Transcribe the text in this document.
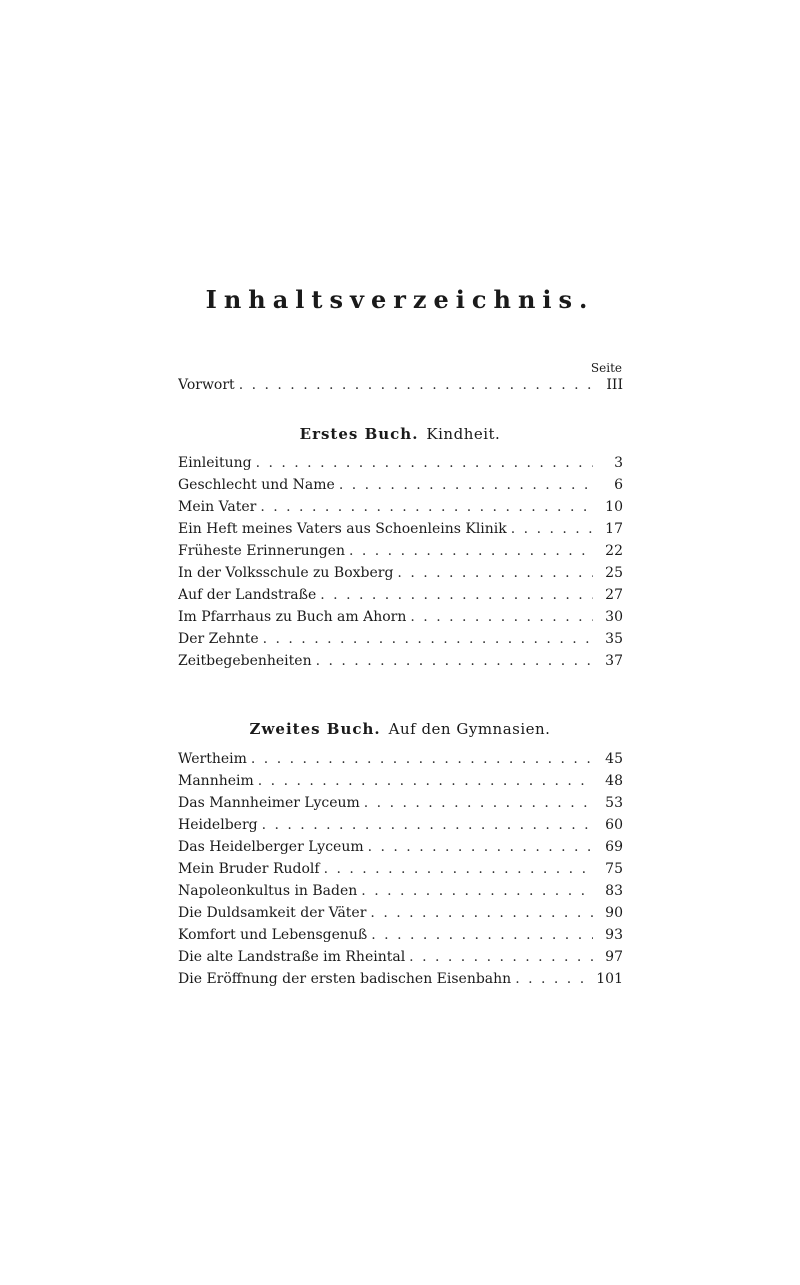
Inhaltsverzeichnis.
Seite
Vorwort . . .	III
Erstes Buch. Kindheit.
Einleitung . . .	3
Geschlecht und Name . . .	6
Mein Vater . . .	10
Ein Heft meines Vaters aus Schoenleins Klinik . . .	17
Früheste Erinnerungen . . .	22
In der Volksschule zu Boxberg . . .	25
Auf der Landstraße . . .	27
Im Pfarrhaus zu Buch am Ahorn . . .	30
Der Zehnte . . .	35
Zeitbegebenheiten . . .	37
Zweites Buch. Auf den Gymnasien.
Wertheim . . .	45
Mannheim . . .	48
Das Mannheimer Lyceum . . .	53
Heidelberg . . .	60
Das Heidelberger Lyceum . . .	69
Mein Bruder Rudolf . . .	75
Napoleonkultus in Baden . . .	83
Die Duldsamkeit der Väter . . .	90
Komfort und Lebensgenuß . . .	93
Die alte Landstraße im Rheintal . . .	97
Die Eröffnung der ersten badischen Eisenbahn . . .	101
